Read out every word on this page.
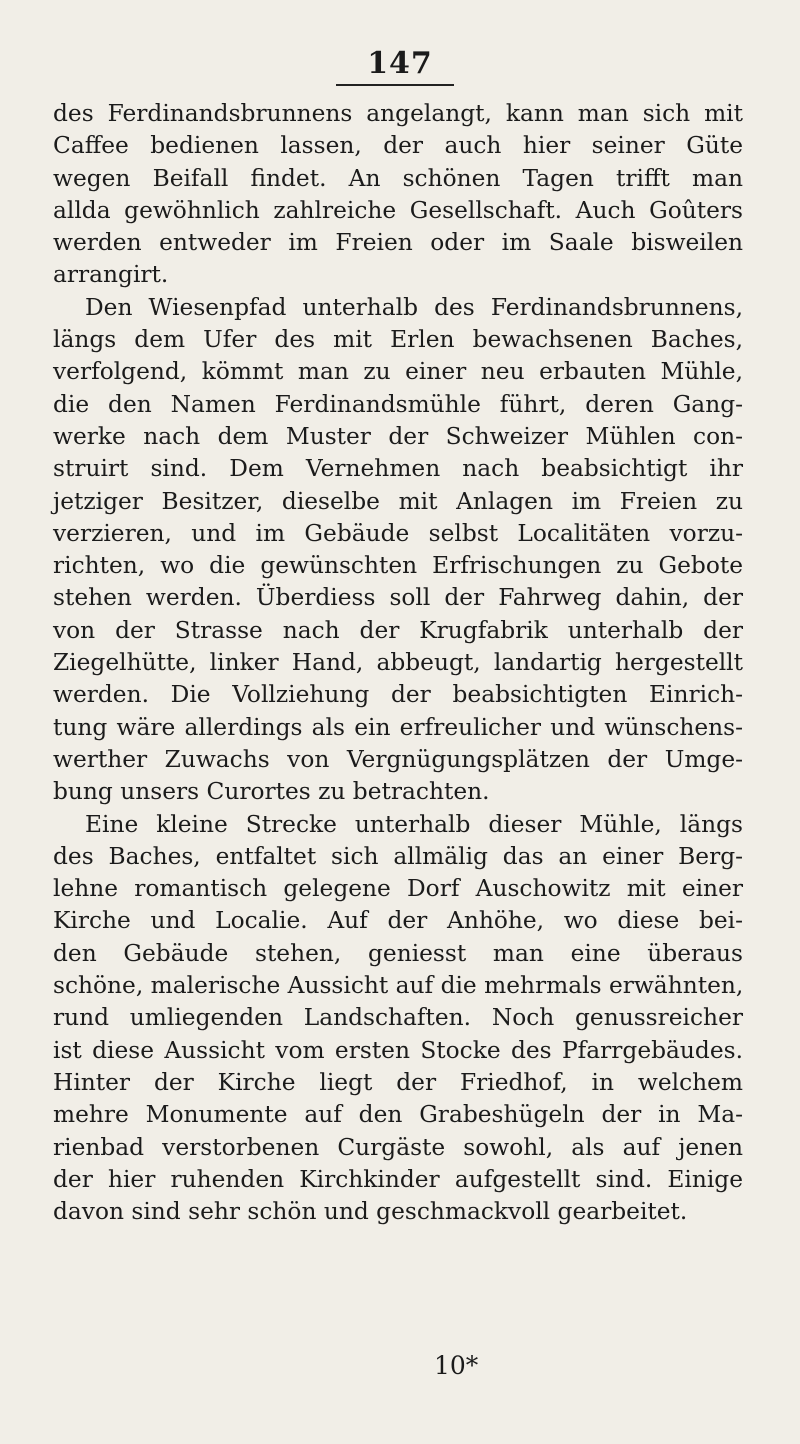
147
des Ferdinandsbrunnens angelangt, kann man sich mit
Caffee bedienen lassen, der auch hier seiner Güte
wegen Beifall findet. An schönen Tagen trifft man
allda gewöhnlich zahlreiche Gesellschaft. Auch Goûters
werden entweder im Freien oder im Saale bisweilen
arrangirt.
Den Wiesenpfad unterhalb des Ferdinandsbrunnens,
längs dem Ufer des mit Erlen bewachsenen Baches,
verfolgend, kömmt man zu einer neu erbauten Mühle,
die den Namen Ferdinandsmühle führt, deren Gang-
werke nach dem Muster der Schweizer Mühlen con-
struirt sind. Dem Vernehmen nach beabsichtigt ihr
jetziger Besitzer, dieselbe mit Anlagen im Freien zu
verzieren, und im Gebäude selbst Localitäten vorzu-
richten, wo die gewünschten Erfrischungen zu Gebote
stehen werden. Überdiess soll der Fahrweg dahin, der
von der Strasse nach der Krugfabrik unterhalb der
Ziegelhütte, linker Hand, abbeugt, landartig hergestellt
werden. Die Vollziehung der beabsichtigten Einrich-
tung wäre allerdings als ein erfreulicher und wünschens-
werther Zuwachs von Vergnügungsplätzen der Umge-
bung unsers Curortes zu betrachten.
Eine kleine Strecke unterhalb dieser Mühle, längs
des Baches, entfaltet sich allmälig das an einer Berg-
lehne romantisch gelegene Dorf Auschowitz mit einer
Kirche und Localie. Auf der Anhöhe, wo diese bei-
den Gebäude stehen, geniesst man eine überaus
schöne, malerische Aussicht auf die mehrmals erwähnten,
rund umliegenden Landschaften. Noch genussreicher
ist diese Aussicht vom ersten Stocke des Pfarrgebäudes.
Hinter der Kirche liegt der Friedhof, in welchem
mehre Monumente auf den Grabeshügeln der in Ma-
rienbad verstorbenen Curgäste sowohl, als auf jenen
der hier ruhenden Kirchkinder aufgestellt sind. Einige
davon sind sehr schön und geschmackvoll gearbeitet.
10*
